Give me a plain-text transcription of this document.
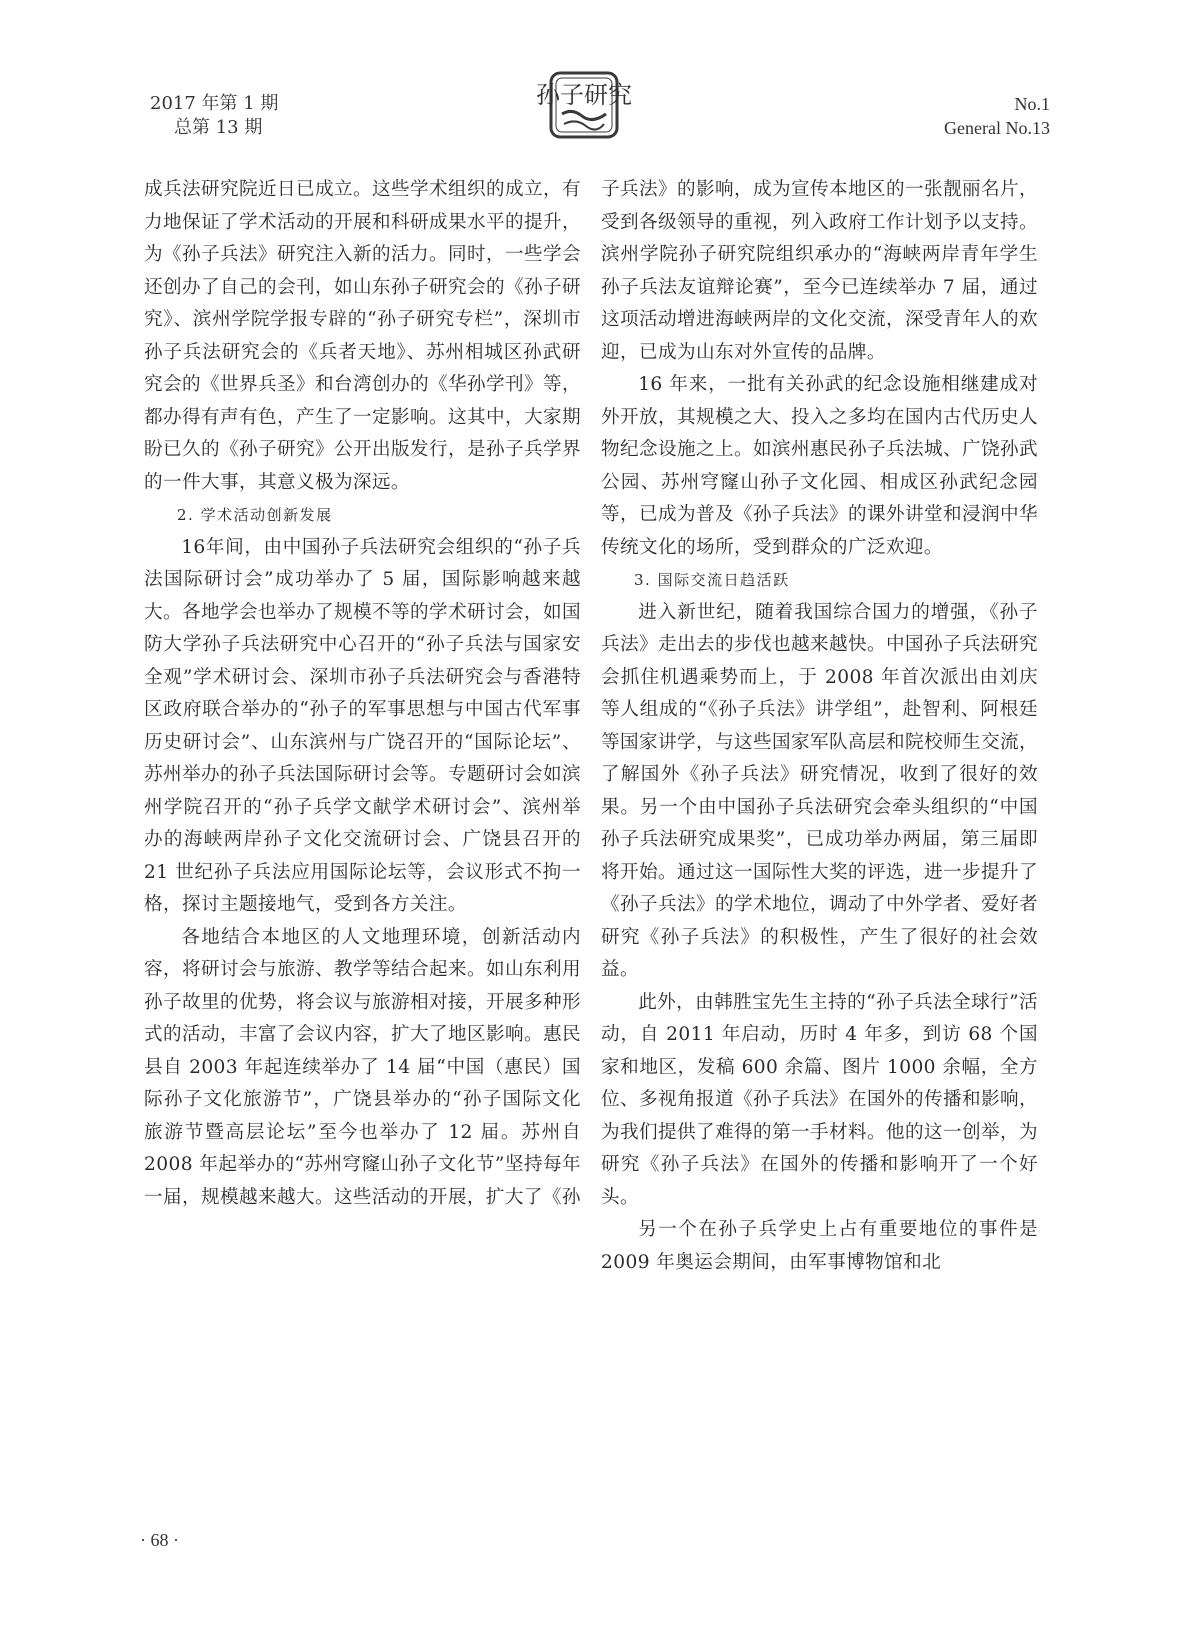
2017 年第 1 期
总第 13 期
孙子研究	No.1
General No.13

成兵法研究院近日已成立。这些学术组织的成立，有力地保证了学术活动的开展和科研成果水平的提升，为《孙子兵法》研究注入新的活力。同时，一些学会还创办了自己的会刊，如山东孙子研究会的《孙子研究》、滨州学院学报专辟的“孙子研究专栏”，深圳市孙子兵法研究会的《兵者天地》、苏州相城区孙武研究会的《世界兵圣》和台湾创办的《华孙学刊》等，都办得有声有色，产生了一定影响。这其中，大家期盼已久的《孙子研究》公开出版发行，是孙子兵学界的一件大事，其意义极为深远。

2. 学术活动创新发展

16年间，由中国孙子兵法研究会组织的“孙子兵法国际研讨会”成功举办了 5 届，国际影响越来越大。各地学会也举办了规模不等的学术研讨会，如国防大学孙子兵法研究中心召开的“孙子兵法与国家安全观”学术研讨会、深圳市孙子兵法研究会与香港特区政府联合举办的“孙子的军事思想与中国古代军事历史研讨会”、山东滨州与广饶召开的“国际论坛”、苏州举办的孙子兵法国际研讨会等。专题研讨会如滨州学院召开的“孙子兵学文献学术研讨会”、滨州举办的海峡两岸孙子文化交流研讨会、广饶县召开的 21 世纪孙子兵法应用国际论坛等，会议形式不拘一格，探讨主题接地气，受到各方关注。

各地结合本地区的人文地理环境，创新活动内容，将研讨会与旅游、教学等结合起来。如山东利用孙子故里的优势，将会议与旅游相对接，开展多种形式的活动，丰富了会议内容，扩大了地区影响。惠民县自 2003 年起连续举办了 14 届“中国（惠民）国际孙子文化旅游节”，广饶县举办的“孙子国际文化旅游节暨高层论坛”至今也举办了 12 届。苏州自 2008 年起举办的“苏州穹窿山孙子文化节”坚持每年一届，规模越来越大。这些活动的开展，扩大了《孙

子兵法》的影响，成为宣传本地区的一张靓丽名片，受到各级领导的重视，列入政府工作计划予以支持。滨州学院孙子研究院组织承办的“海峡两岸青年学生孙子兵法友谊辩论赛”，至今已连续举办 7 届，通过这项活动增进海峡两岸的文化交流，深受青年人的欢迎，已成为山东对外宣传的品牌。

16 年来，一批有关孙武的纪念设施相继建成对外开放，其规模之大、投入之多均在国内古代历史人物纪念设施之上。如滨州惠民孙子兵法城、广饶孙武公园、苏州穹窿山孙子文化园、相成区孙武纪念园等，已成为普及《孙子兵法》的课外讲堂和浸润中华传统文化的场所，受到群众的广泛欢迎。

3. 国际交流日趋活跃

进入新世纪，随着我国综合国力的增强，《孙子兵法》走出去的步伐也越来越快。中国孙子兵法研究会抓住机遇乘势而上，于 2008 年首次派出由刘庆等人组成的“《孙子兵法》讲学组”，赴智利、阿根廷等国家讲学，与这些国家军队高层和院校师生交流，了解国外《孙子兵法》研究情况，收到了很好的效果。另一个由中国孙子兵法研究会牵头组织的“中国孙子兵法研究成果奖”，已成功举办两届，第三届即将开始。通过这一国际性大奖的评选，进一步提升了《孙子兵法》的学术地位，调动了中外学者、爱好者研究《孙子兵法》的积极性，产生了很好的社会效益。

此外，由韩胜宝先生主持的“孙子兵法全球行”活动，自 2011 年启动，历时 4 年多，到访 68 个国家和地区，发稿 600 余篇、图片 1000 余幅，全方位、多视角报道《孙子兵法》在国外的传播和影响，为我们提供了难得的第一手材料。他的这一创举，为研究《孙子兵法》在国外的传播和影响开了一个好头。

另一个在孙子兵学史上占有重要地位的事件是 2009 年奥运会期间，由军事博物馆和北

· 68 ·
